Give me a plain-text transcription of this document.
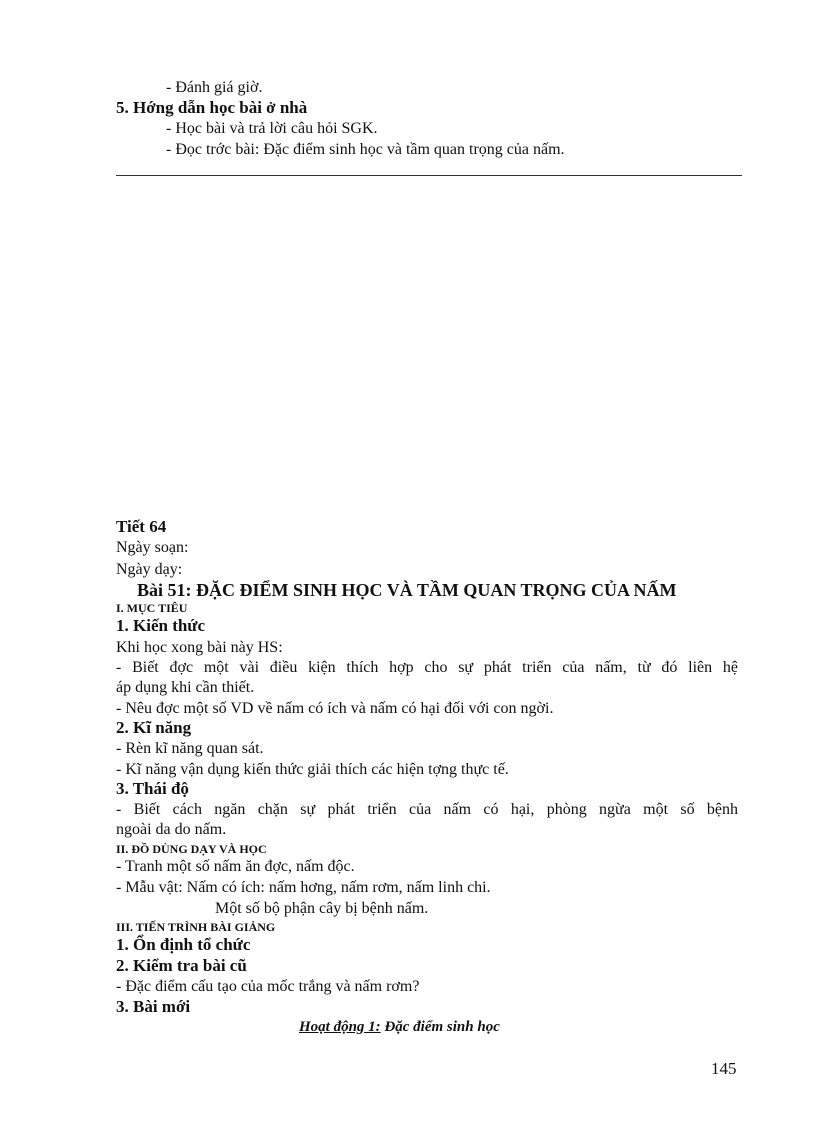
- Đánh giá giờ.
5. Hớng dẫn học bài ở nhà
- Học bài và trả lời câu hỏi SGK.
- Đọc trớc bài: Đặc điểm sinh học và tầm quan trọng của nấm.
Tiết 64
Ngày soạn:
Ngày dạy:
Bài 51: ĐẶC ĐIỂM SINH HỌC VÀ TẦM QUAN TRỌNG CỦA NẤM
I. MỤC TIÊU
1. Kiến thức
Khi học xong bài này HS:
- Biết đợc một vài điều kiện thích hợp cho sự phát triển của nấm, từ đó liên hệ
áp dụng khi cần thiết.
- Nêu đợc một số VD về nấm có ích và nấm có hại đối với con ngời.
2. Kĩ năng
- Rèn kĩ năng quan sát.
- Kĩ năng vận dụng kiến thức giải thích các hiện tợng thực tế.
3. Thái độ
- Biết cách ngăn chặn sự phát triển của nấm có hại, phòng ngừa một số bệnh
ngoài da do nấm.
II. ĐỒ DÙNG DẠY VÀ HỌC
- Tranh một số nấm ăn đợc, nấm độc.
- Mẫu vật: Nấm có ích: nấm hơng, nấm rơm, nấm linh chi.
Một số bộ phận cây bị bệnh nấm.
III. TIẾN TRÌNH BÀI GIẢNG
1. Ổn định tổ chức
2. Kiểm tra bài cũ
- Đặc điểm cấu tạo của mốc trắng và nấm rơm?
3. Bài mới
Hoạt động 1: Đặc điểm sinh học
145
